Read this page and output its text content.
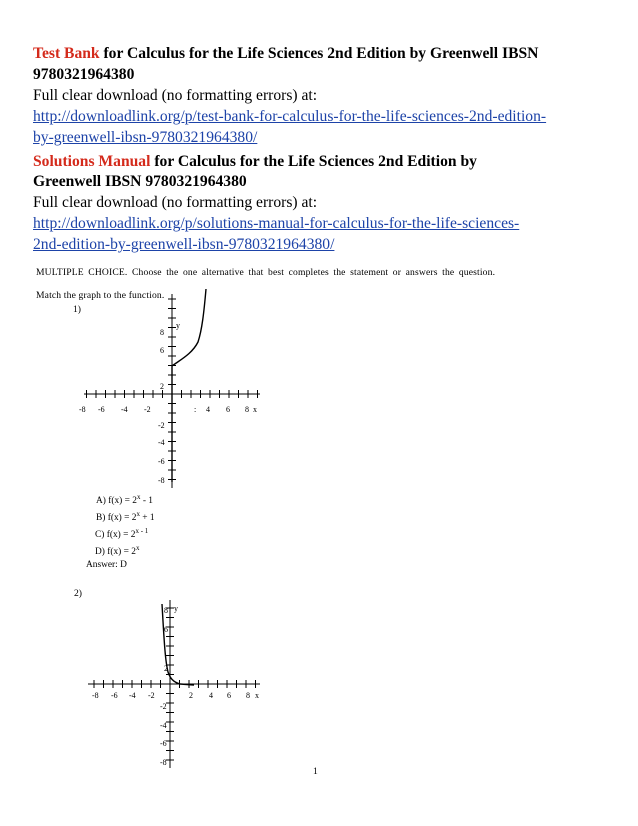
Test Bank for Calculus for the Life Sciences 2nd Edition by Greenwell IBSN 9780321964380
Full clear download (no formatting errors) at:
http://downloadlink.org/p/test-bank-for-calculus-for-the-life-sciences-2nd-edition-
by-greenwell-ibsn-9780321964380/
Solutions Manual for Calculus for the Life Sciences 2nd Edition by
Greenwell IBSN 9780321964380
Full clear download (no formatting errors) at:
http://downloadlink.org/p/solutions-manual-for-calculus-for-the-life-sciences-
2nd-edition-by-greenwell-ibsn-9780321964380/
MULTIPLE CHOICE. Choose the one alternative that best completes the statement or answers the question.
Match the graph to the function.
1)
-8 -6 -4 -2	: 4 6 8 x
y
8
6
2
-2
-4
-6
-8
A) $f(x) = 2^x - 1$
B) $f(x) = 2^x + 1$
C) $f(x) = 2^{x - 1}$
D) $f(x) = 2^x$
Answer: D
2)
-8 -6 -4 -2	2 4 6 8 x
y
8
6
2
-2
-4
-6
-8
1
